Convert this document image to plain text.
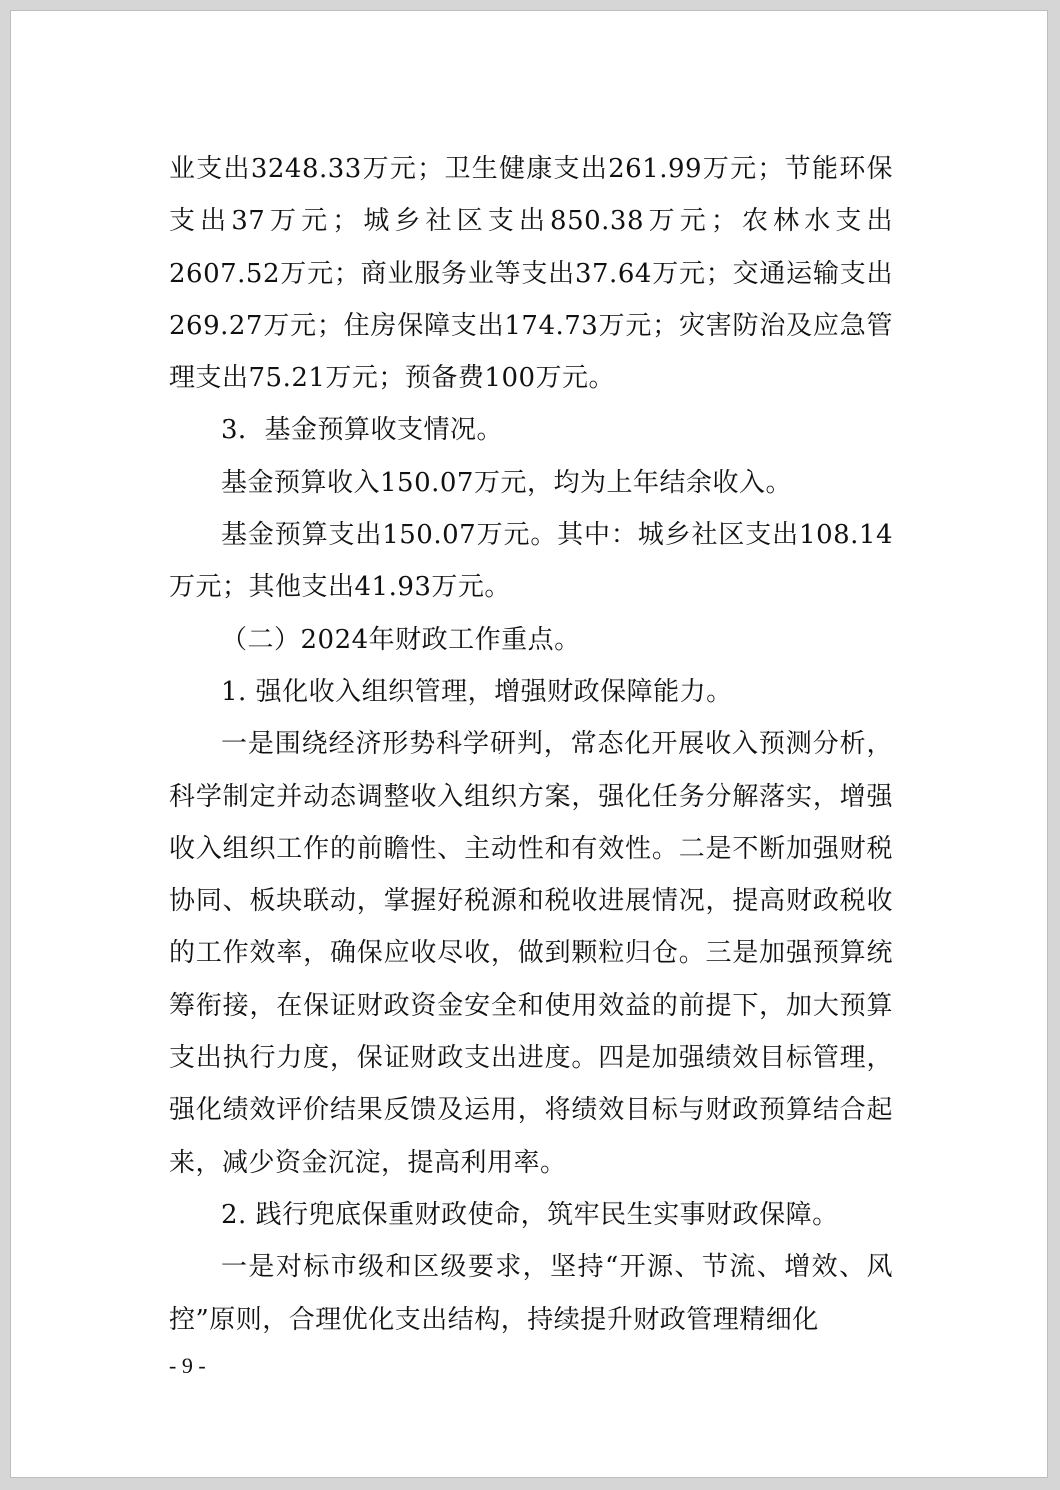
业支出3248.33万元；卫生健康支出261.99万元；节能环保支出37万元；城乡社区支出850.38万元；农林水支出2607.52万元；商业服务业等支出37.64万元；交通运输支出269.27万元；住房保障支出174.73万元；灾害防治及应急管理支出75.21万元；预备费100万元。

3．基金预算收支情况。

基金预算收入150.07万元，均为上年结余收入。

基金预算支出150.07万元。其中：城乡社区支出108.14万元；其他支出41.93万元。

（二）2024年财政工作重点。

1. 强化收入组织管理，增强财政保障能力。

一是围绕经济形势科学研判，常态化开展收入预测分析，科学制定并动态调整收入组织方案，强化任务分解落实，增强收入组织工作的前瞻性、主动性和有效性。二是不断加强财税协同、板块联动，掌握好税源和税收进展情况，提高财政税收的工作效率，确保应收尽收，做到颗粒归仓。三是加强预算统筹衔接，在保证财政资金安全和使用效益的前提下，加大预算支出执行力度，保证财政支出进度。四是加强绩效目标管理，强化绩效评价结果反馈及运用，将绩效目标与财政预算结合起来，减少资金沉淀，提高利用率。

2. 践行兜底保重财政使命，筑牢民生实事财政保障。

一是对标市级和区级要求，坚持“开源、节流、增效、风控”原则，合理优化支出结构，持续提升财政管理精细化

- 9 -
